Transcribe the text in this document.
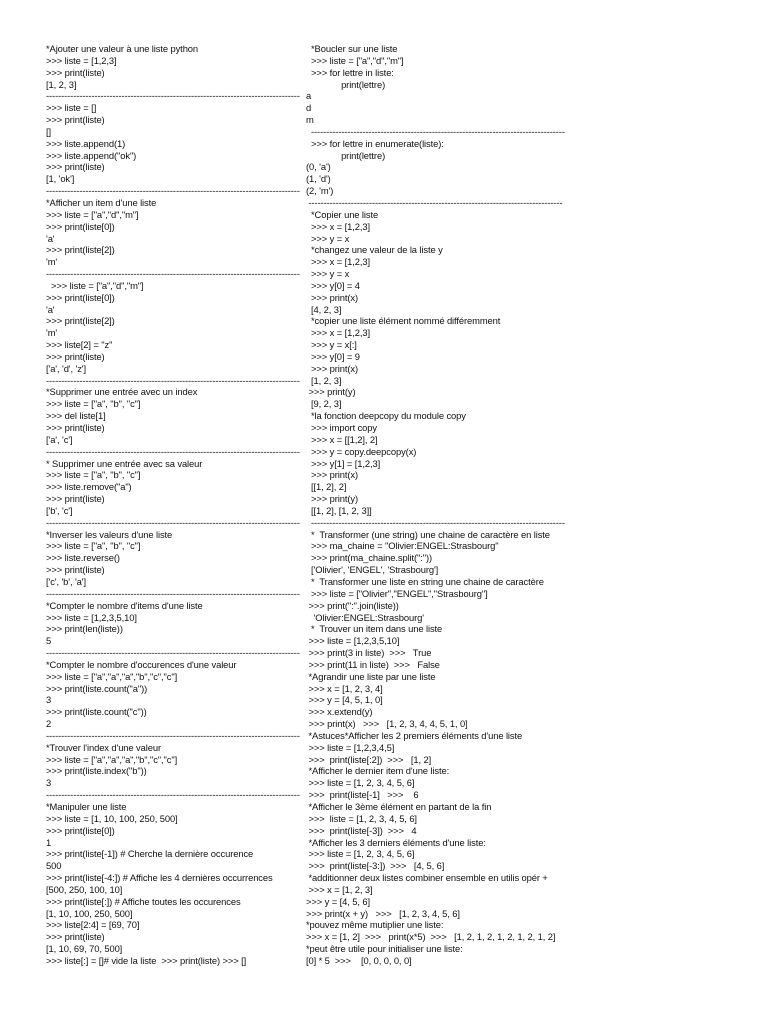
*Ajouter une valeur à une liste python
>>> liste = [1,2,3]
>>> print(liste)
[1, 2, 3]
------------------------------------------------------------------------------------
>>> liste = []
>>> print(liste)
[]
>>> liste.append(1)
>>> liste.append("ok")
>>> print(liste)
[1, 'ok']
------------------------------------------------------------------------------------
*Afficher un item d'une liste
>>> liste = ["a","d","m"]
>>> print(liste[0])
'a'
>>> print(liste[2])
'm'
------------------------------------------------------------------------------------
>>> liste = ["a","d","m"]
>>> print(liste[0])
'a'
>>> print(liste[2])
'm'
>>> liste[2] = "z"
>>> print(liste)
['a', 'd', 'z']
------------------------------------------------------------------------------------
*Supprimer une entrée avec un index
>>> liste = ["a", "b", "c"]
>>> del liste[1]
>>> print(liste)
['a', 'c']
------------------------------------------------------------------------------------
* Supprimer une entrée avec sa valeur
>>> liste = ["a", "b", "c"]
>>> liste.remove("a")
>>> print(liste)
['b', 'c']
------------------------------------------------------------------------------------
*Inverser les valeurs d'une liste
>>> liste = ["a", "b", "c"]
>>> liste.reverse()
>>> print(liste)
['c', 'b', 'a']
------------------------------------------------------------------------------------
*Compter le nombre d'items d'une liste
>>> liste = [1,2,3,5,10]
>>> print(len(liste))
5
------------------------------------------------------------------------------------
*Compter le nombre d'occurences d'une valeur
>>> liste = ["a","a","a","b","c","c"]
>>> print(liste.count("a"))
3
>>> print(liste.count("c"))
2
------------------------------------------------------------------------------------
*Trouver l'index d'une valeur
>>> liste = ["a","a","a","b","c","c"]
>>> print(liste.index("b"))
3
------------------------------------------------------------------------------------
*Manipuler une liste
>>> liste = [1, 10, 100, 250, 500]
>>> print(liste[0])
1
>>> print(liste[-1]) # Cherche la dernière occurence
500
>>> print(liste[-4:]) # Affiche les 4 dernières occurrences
[500, 250, 100, 10]
>>> print(liste[:]) # Affiche toutes les occurences
[1, 10, 100, 250, 500]
>>> liste[2:4] = [69, 70]
>>> print(liste)
[1, 10, 69, 70, 500]
>>> liste[:] = []# vide la liste  >>> print(liste) >>> []
*Boucler sur une liste
>>> liste = ["a","d","m"]
>>> for lettre in liste:
print(lettre)
a
d
m
------------------------------------------------------------------------------------
>>> for lettre in enumerate(liste):
print(lettre)
(0, 'a')
(1, 'd')
(2, 'm')
------------------------------------------------------------------------------------
*Copier une liste
>>> x = [1,2,3]
>>> y = x
*changez une valeur de la liste y
>>> x = [1,2,3]
>>> y = x
>>> y[0] = 4
>>> print(x)
[4, 2, 3]
*copier une liste élément nommé différemment
>>> x = [1,2,3]
>>> y = x[:]
>>> y[0] = 9
>>> print(x)
[1, 2, 3]
>>> print(y)
[9, 2, 3]
*la fonction deepcopy du module copy
>>> import copy
>>> x = [[1,2], 2]
>>> y = copy.deepcopy(x)
>>> y[1] = [1,2,3]
>>> print(x)
[[1, 2], 2]
>>> print(y)
[[1, 2], [1, 2, 3]]
------------------------------------------------------------------------------------
*  Transformer (une string) une chaine de caractère en liste
>>> ma_chaine = "Olivier:ENGEL:Strasbourg"
>>> print(ma_chaine.split(":"))
['Olivier', 'ENGEL', 'Strasbourg']
*  Transformer une liste en string une chaine de caractère
>>> liste = ["Olivier","ENGEL","Strasbourg"]
>>> print(":".join(liste))
'Olivier:ENGEL:Strasbourg'
*  Trouver un item dans une liste
>>> liste = [1,2,3,5,10]
>>> print(3 in liste)  >>>   True
>>> print(11 in liste)  >>>   False
*Agrandir une liste par une liste
>>> x = [1, 2, 3, 4]
>>> y = [4, 5, 1, 0]
>>> x.extend(y)
>>> print(x)   >>>   [1, 2, 3, 4, 4, 5, 1, 0]
*Astuces*Afficher les 2 premiers éléments d'une liste
>>> liste = [1,2,3,4,5]
>>>  print(liste[:2])  >>>   [1, 2]
*Afficher le dernier item d'une liste:
>>> liste = [1, 2, 3, 4, 5, 6]
>>>  print(liste[-1]   >>>    6
*Afficher le 3ème élément en partant de la fin
>>>  liste = [1, 2, 3, 4, 5, 6]
>>>  print(liste[-3])  >>>   4
*Afficher les 3 derniers éléments d'une liste:
>>> liste = [1, 2, 3, 4, 5, 6]
>>>  print(liste[-3:])  >>>   [4, 5, 6]
*additionner deux listes combiner ensemble en utilis opér +
>>> x = [1, 2, 3]
>>> y = [4, 5, 6]
>>> print(x + y)   >>>   [1, 2, 3, 4, 5, 6]
*pouvez même mutiplier une liste:
>>> x = [1, 2]  >>>   print(x*5)  >>>   [1, 2, 1, 2, 1, 2, 1, 2, 1, 2]
*peut être utile pour initialiser une liste:
[0] * 5  >>>    [0, 0, 0, 0, 0]
